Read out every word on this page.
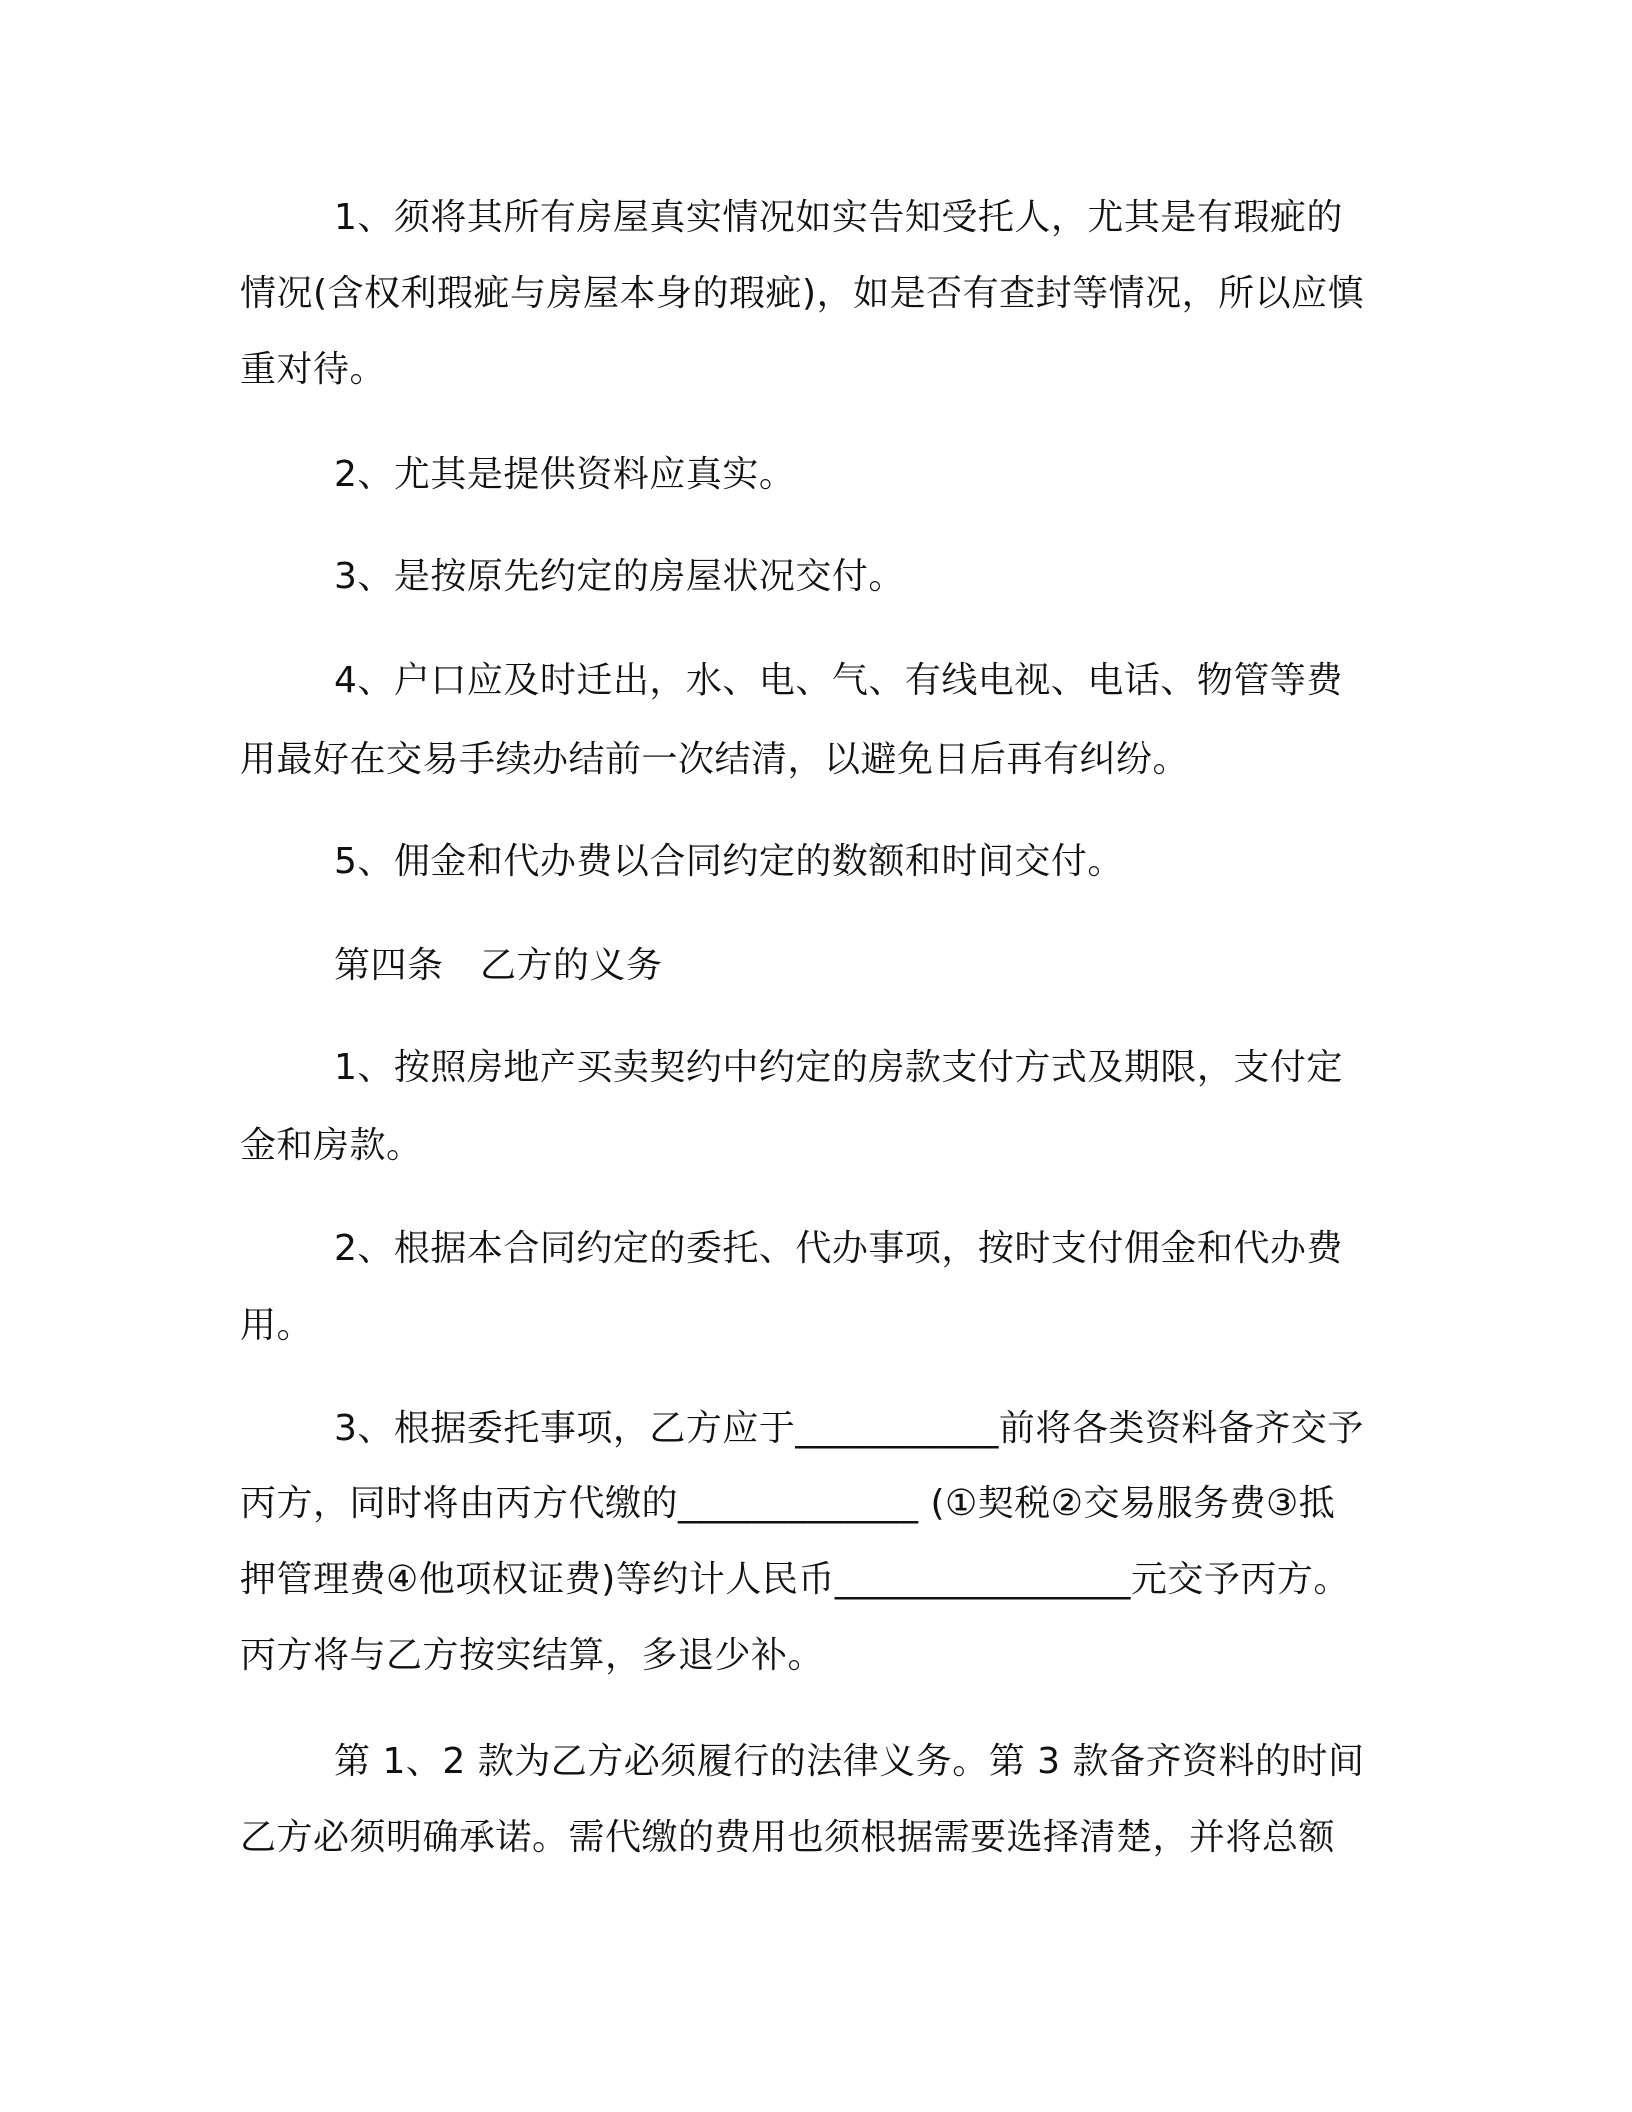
1、须将其所有房屋真实情况如实告知受托人，尤其是有瑕疵的
情况(含权利瑕疵与房屋本身的瑕疵)，如是否有查封等情况，所以应慎
重对待。
2、尤其是提供资料应真实。
3、是按原先约定的房屋状况交付。
4、户口应及时迁出，水、电、气、有线电视、电话、物管等费
用最好在交易手续办结前一次结清，以避免日后再有纠纷。
5、佣金和代办费以合同约定的数额和时间交付。
第四条　乙方的义务
1、按照房地产买卖契约中约定的房款支付方式及期限，支付定
金和房款。
2、根据本合同约定的委托、代办事项，按时支付佣金和代办费
用。
3、根据委托事项，乙方应于___________前将各类资料备齐交予
丙方，同时将由丙方代缴的_____________ (①契税②交易服务费③抵
押管理费④他项权证费)等约计人民币________________元交予丙方。
丙方将与乙方按实结算，多退少补。
第 1、2 款为乙方必须履行的法律义务。第 3 款备齐资料的时间
乙方必须明确承诺。需代缴的费用也须根据需要选择清楚，并将总额
